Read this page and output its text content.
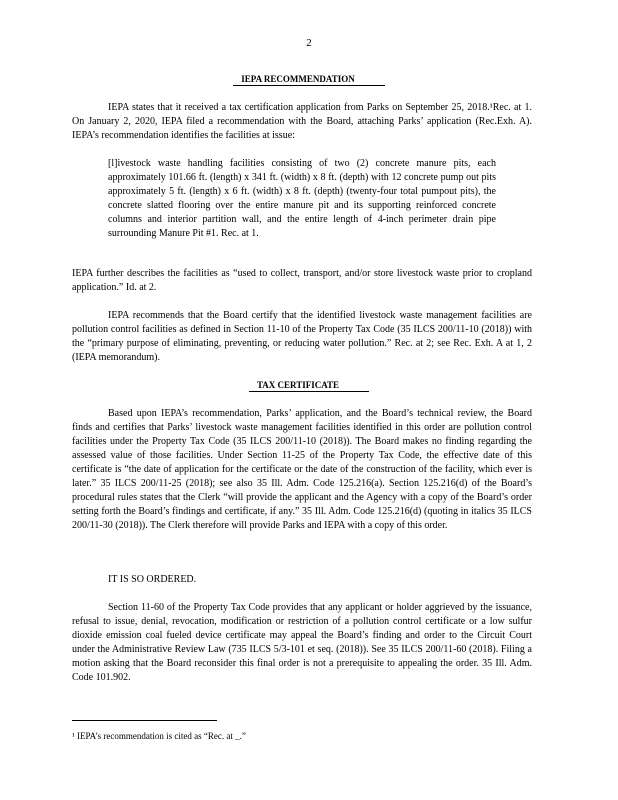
2
IEPA RECOMMENDATION

IEPA states that it received a tax certification application from Parks on September 25, 2018.¹Rec. at 1. On January 2, 2020, IEPA filed a recommendation with the Board, attaching Parks’ application (Rec.Exh. A). IEPA’s recommendation identifies the facilities at issue:

[l]ivestock waste handling facilities consisting of two (2) concrete manure pits, each approximately 101.66 ft. (length) x 341 ft. (width) x 8 ft. (depth) with 12 concrete pump out pits approximately 5 ft. (length) x 6 ft. (width) x 8 ft. (depth) (twenty-four total pumpout pits), the concrete slatted flooring over the entire manure pit and its supporting reinforced concrete columns and interior partition wall, and the entire length of 4-inch perimeter drain pipe surrounding Manure Pit #1. Rec. at 1.

IEPA further describes the facilities as “used to collect, transport, and/or store livestock waste prior to cropland application.” Id. at 2.

IEPA recommends that the Board certify that the identified livestock waste management facilities are pollution control facilities as defined in Section 11-10 of the Property Tax Code (35 ILCS 200/11-10 (2018)) with the “primary purpose of eliminating, preventing, or reducing water pollution.” Rec. at 2; see Rec. Exh. A at 1, 2 (IEPA memorandum).

TAX CERTIFICATE

Based upon IEPA’s recommendation, Parks’ application, and the Board’s technical review, the Board finds and certifies that Parks’ livestock waste management facilities identified in this order are pollution control facilities under the Property Tax Code (35 ILCS 200/11-10 (2018)). The Board makes no finding regarding the assessed value of those facilities. Under Section 11-25 of the Property Tax Code, the effective date of this certificate is “the date of application for the certificate or the date of the construction of the facility, which ever is later.” 35 ILCS 200/11-25 (2018); see also 35 Ill. Adm. Code 125.216(a). Section 125.216(d) of the Board’s procedural rules states that the Clerk “will provide the applicant and the Agency with a copy of the Board’s order setting forth the Board’s findings and certificate, if any.” 35 Ill. Adm. Code 125.216(d) (quoting in italics 35 ILCS 200/11-30 (2018)). The Clerk therefore will provide Parks and IEPA with a copy of this order.

IT IS SO ORDERED.

Section 11-60 of the Property Tax Code provides that any applicant or holder aggrieved by the issuance, refusal to issue, denial, revocation, modification or restriction of a pollution control certificate or a low sulfur dioxide emission coal fueled device certificate may appeal the Board’s finding and order to the Circuit Court under the Administrative Review Law (735 ILCS 5/3-101 et seq. (2018)). See 35 ILCS 200/11-60 (2018). Filing a motion asking that the Board reconsider this final order is not a prerequisite to appealing the order. 35 Ill. Adm. Code 101.902.

¹ IEPA’s recommendation is cited as “Rec. at _.”
